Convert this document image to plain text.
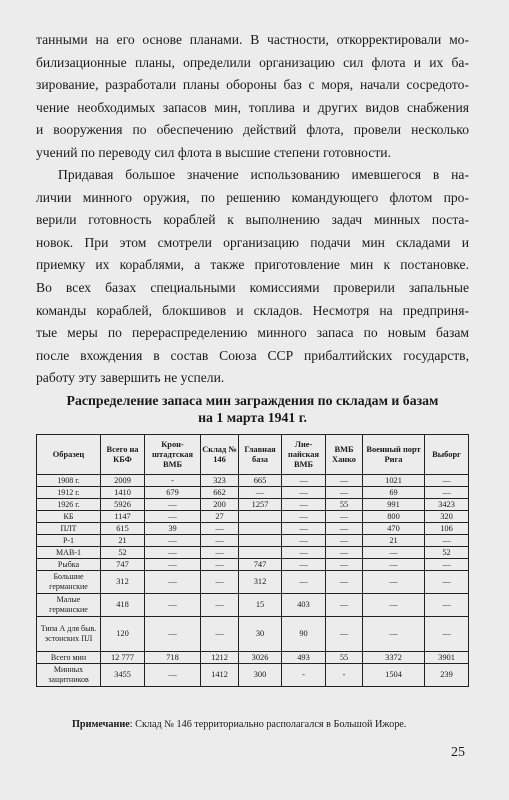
танными на его основе планами. В частности, откорректировали мо-
билизационные планы, определили организацию сил флота и их ба-
зирование, разработали планы обороны баз с моря, начали сосредото-
чение необходимых запасов мин, топлива и других видов снабжения
и вооружения по обеспечению действий флота, провели несколько
учений по переводу сил флота в высшие степени готовности.

Придавая большое значение использованию имевшегося в на-
личии минного оружия, по решению командующего флотом про-
верили готовность кораблей к выполнению задач минных поста-
новок. При этом смотрели организацию подачи мин складами и
приемку их кораблями, а также приготовление мин к постановке.
Во всех базах специальными комиссиями проверили запальные
команды кораблей, блокшивов и складов. Несмотря на предприня-
тые меры по перераспределению минного запаса по новым базам
после вхождения в состав Союза ССР прибалтийских государств,
работу эту завершить не успели.

Распределение запаса мин заграждения по складам и базам
на 1 марта 1941 г.
Образец	Всего на КБФ	Крон-штадтская ВМБ	Склад № 146	Главная база	Лие-пайская ВМБ	ВМБ Ханко	Военный порт Рига	Выборг
1908 г.	2009	-	323	665	—	—	1021	—
1912 г.	1410	679	662	—	—	—	69	—
1926 г.	5926	—	200	1257	—	55	991	3423
КБ	1147	—	27		—	—	800	320
ПЛТ	615	39	—		—	—	470	106
Р-1	21	—	—		—	—	21	—
МАВ-1	52	—	—		—	—	—	52
Рыбка	747	—	—	747	—	—	—	—
Большие германские	312	—	—	312	—	—	—	—
Малые германские	418	—	—	15	403	—	—	—
Типа А для быв. эстонских ПЛ	120	—	—	30	90	—	—	—
Всего мин	12 777	718	1212	3026	493	55	3372	3901
Минных защитников	3455	—	1412	300	-	-	1504	239
Примечание: Склад № 146 территориально располагался в Большой Ижоре.
25
